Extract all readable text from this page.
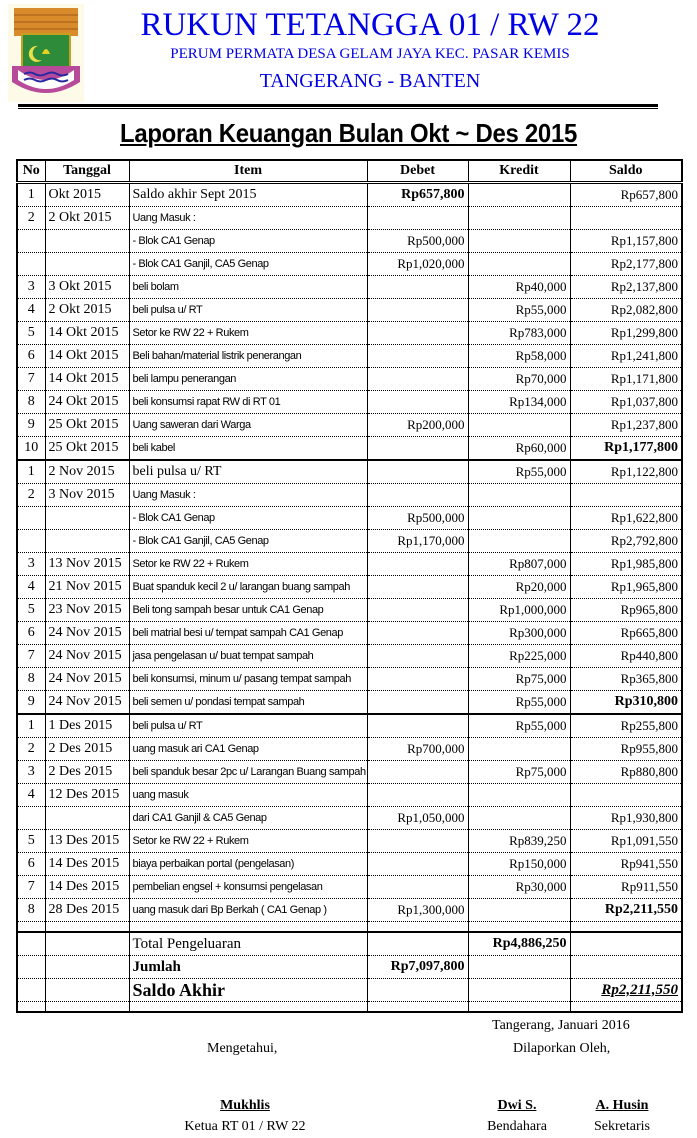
RUKUN TETANGGA 01 / RW 22
PERUM PERMATA DESA GELAM JAYA KEC. PASAR KEMIS
TANGERANG - BANTEN
Laporan Keuangan Bulan Okt ~ Des 2015
No	Tanggal	Item	Debet	Kredit	Saldo
1	Okt 2015	Saldo akhir Sept 2015	Rp657,800		Rp657,800
2	2 Okt 2015	Uang Masuk :			
		- Blok CA1 Genap	Rp500,000		Rp1,157,800
		- Blok CA1 Ganjil, CA5 Genap	Rp1,020,000		Rp2,177,800
3	3 Okt 2015	beli bolam		Rp40,000	Rp2,137,800
4	2 Okt 2015	beli pulsa u/ RT		Rp55,000	Rp2,082,800
5	14 Okt 2015	Setor ke RW 22 + Rukem		Rp783,000	Rp1,299,800
6	14 Okt 2015	Beli bahan/material listrik penerangan		Rp58,000	Rp1,241,800
7	14 Okt 2015	beli lampu penerangan		Rp70,000	Rp1,171,800
8	24 Okt 2015	beli konsumsi rapat RW di RT 01		Rp134,000	Rp1,037,800
9	25 Okt 2015	Uang saweran dari Warga	Rp200,000		Rp1,237,800
10	25 Okt 2015	beli kabel		Rp60,000	Rp1,177,800
1	2 Nov 2015	beli pulsa u/ RT		Rp55,000	Rp1,122,800
2	3 Nov 2015	Uang Masuk :			
		- Blok CA1 Genap	Rp500,000		Rp1,622,800
		- Blok CA1 Ganjil, CA5 Genap	Rp1,170,000		Rp2,792,800
3	13 Nov 2015	Setor ke RW 22 + Rukem		Rp807,000	Rp1,985,800
4	21 Nov 2015	Buat spanduk kecil 2 u/ larangan buang sampah		Rp20,000	Rp1,965,800
5	23 Nov 2015	Beli tong sampah besar untuk CA1 Genap		Rp1,000,000	Rp965,800
6	24 Nov 2015	beli matrial besi u/ tempat sampah CA1 Genap		Rp300,000	Rp665,800
7	24 Nov 2015	jasa pengelasan u/ buat tempat sampah		Rp225,000	Rp440,800
8	24 Nov 2015	beli konsumsi, minum u/ pasang tempat sampah		Rp75,000	Rp365,800
9	24 Nov 2015	beli semen u/ pondasi tempat sampah		Rp55,000	Rp310,800
1	1 Des 2015	beli pulsa u/ RT		Rp55,000	Rp255,800
2	2 Des 2015	uang masuk ari CA1 Genap	Rp700,000		Rp955,800
3	2 Des 2015	beli spanduk besar 2pc u/ Larangan Buang sampah		Rp75,000	Rp880,800
4	12 Des 2015	uang masuk			
		dari CA1 Ganjil & CA5 Genap	Rp1,050,000		Rp1,930,800
5	13 Des 2015	Setor ke RW 22 + Rukem		Rp839,250	Rp1,091,550
6	14 Des 2015	biaya perbaikan portal (pengelasan)		Rp150,000	Rp941,550
7	14 Des 2015	pembelian engsel + konsumsi pengelasan		Rp30,000	Rp911,550
8	28 Des 2015	uang masuk dari Bp Berkah ( CA1 Genap )	Rp1,300,000		Rp2,211,550

		Total Pengeluaran		Rp4,886,250	
		Jumlah	Rp7,097,800		
		Saldo Akhir			Rp2,211,550

Tangerang, Januari 2016
Mengetahui,	Dilaporkan Oleh,
Mukhlis
Ketua RT 01 / RW 22
Dwi S.
Bendahara
A. Husin
Sekretaris
